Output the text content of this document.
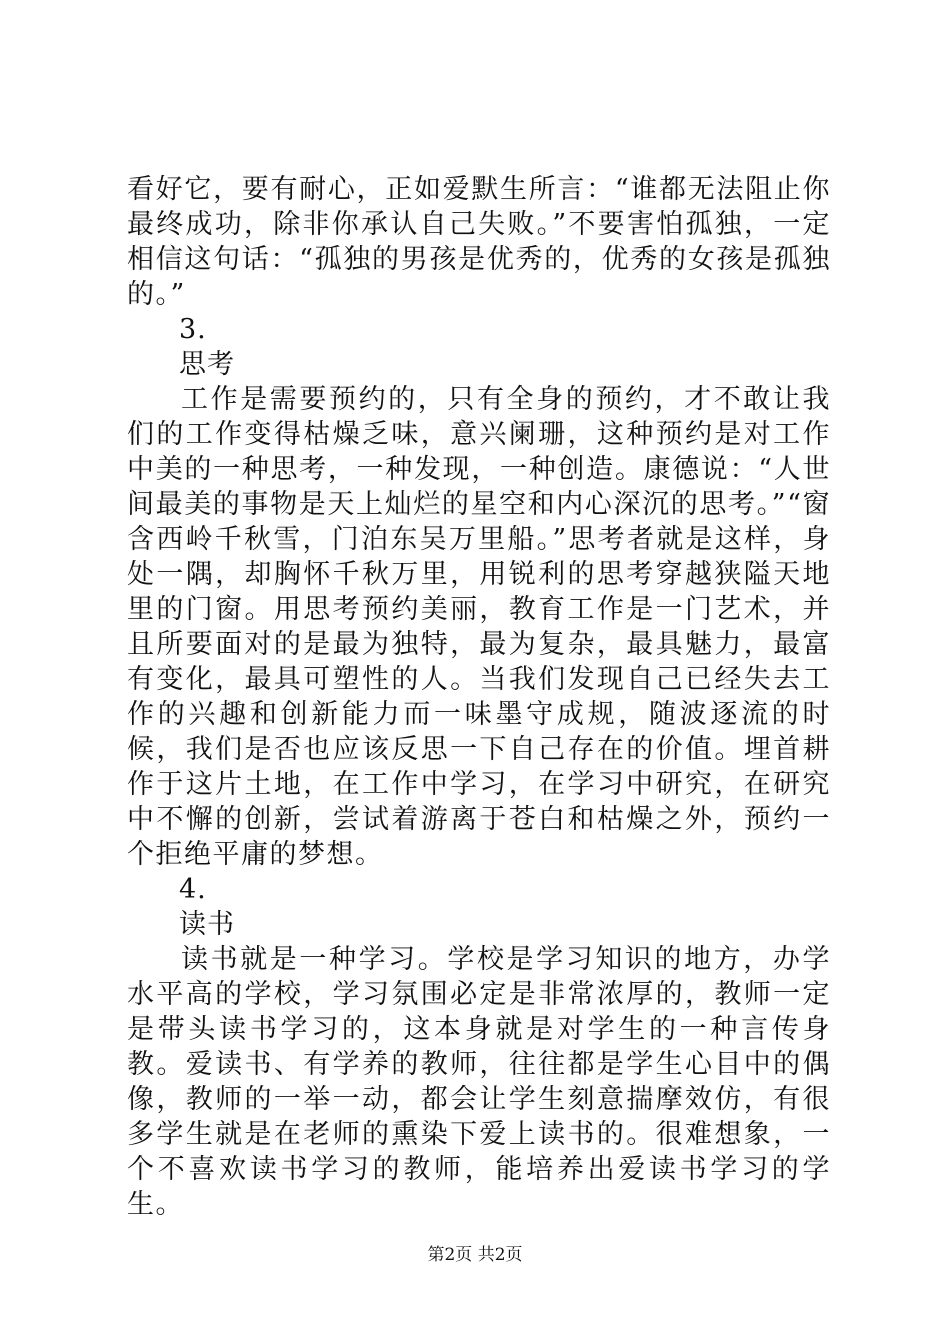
看好它，要有耐心，正如爱默生所言：“谁都无法阻止你最终成功，除非你承认自己失败。”不要害怕孤独，一定相信这句话：“孤独的男孩是优秀的，优秀的女孩是孤独的。”

3.

思考

工作是需要预约的，只有全身的预约，才不敢让我们的工作变得枯燥乏味，意兴阑珊，这种预约是对工作中美的一种思考，一种发现，一种创造。康德说：“人世间最美的事物是天上灿烂的星空和内心深沉的思考。”“窗含西岭千秋雪，门泊东吴万里船。”思考者就是这样，身处一隅，却胸怀千秋万里，用锐利的思考穿越狭隘天地里的门窗。用思考预约美丽，教育工作是一门艺术，并且所要面对的是最为独特，最为复杂，最具魅力，最富有变化，最具可塑性的人。当我们发现自己已经失去工作的兴趣和创新能力而一味墨守成规，随波逐流的时候，我们是否也应该反思一下自己存在的价值。埋首耕作于这片土地，在工作中学习，在学习中研究，在研究中不懈的创新，尝试着游离于苍白和枯燥之外，预约一个拒绝平庸的梦想。

4.

读书

读书就是一种学习。学校是学习知识的地方，办学水平高的学校，学习氛围必定是非常浓厚的，教师一定是带头读书学习的，这本身就是对学生的一种言传身教。爱读书、有学养的教师，往往都是学生心目中的偶像，教师的一举一动，都会让学生刻意揣摩效仿，有很多学生就是在老师的熏染下爱上读书的。很难想象，一个不喜欢读书学习的教师，能培养出爱读书学习的学生。

第2页 共2页
